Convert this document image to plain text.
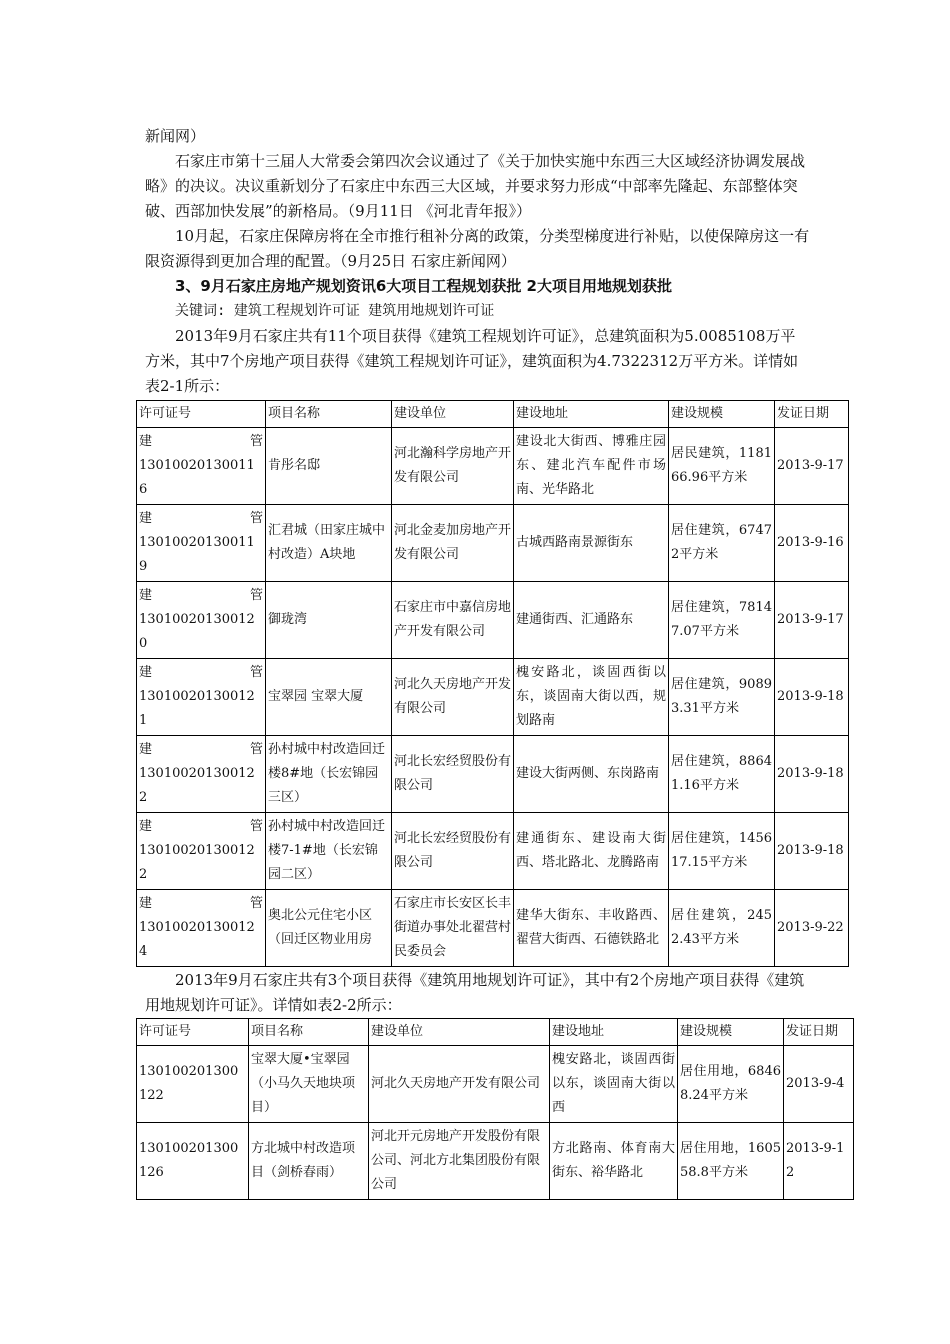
新闻网）

石家庄市第十三届人大常委会第四次会议通过了《关于加快实施中东西三大区域经济协调发展战略》的决议。决议重新划分了石家庄中东西三大区域，并要求努力形成“中部率先隆起、东部整体突破、西部加快发展”的新格局。（9月11日 《河北青年报》）

10月起，石家庄保障房将在全市推行租补分离的政策，分类型梯度进行补贴，以使保障房这一有限资源得到更加合理的配置。（9月25日 石家庄新闻网）

3、9月石家庄房地产规划资讯6大项目工程规划获批 2大项目用地规划获批

关键词: 建筑工程规划许可证 建筑用地规划许可证

2013年9月石家庄共有11个项目获得《建筑工程规划许可证》，总建筑面积为5.0085108万平方米，其中7个房地产项目获得《建筑工程规划许可证》，建筑面积为4.7322312万平方米。详情如表2-1所示：

许可证号	项目名称	建设单位	建设地址	建设规模	发证日期

建 管
130100201300116	肯彤名邸	河北瀚科学房地产开发有限公司	建设北大街西、博雅庄园东、建北汽车配件市场南、光华路北	居民建筑，118166.96平方米	2013-9-17

建 管
130100201300119	汇君城（田家庄城中村改造）A块地	河北金麦加房地产开发有限公司	古城西路南景源街东	居住建筑，67472平方米	2013-9-16

建 管
130100201300120	御珑湾	石家庄市中嘉信房地产开发有限公司	建通街西、汇通路东	居住建筑，78147.07平方米	2013-9-17

建 管
130100201300121	宝翠园 宝翠大厦	河北久天房地产开发有限公司	槐安路北，谈固西街以东，谈固南大街以西，规划路南	居住建筑，90893.31平方米	2013-9-18

建 管
130100201300122	孙村城中村改造回迁楼8#地（长宏锦园三区）	河北长宏经贸股份有限公司	建设大街两侧、东岗路南	居住建筑，88641.16平方米	2013-9-18

建 管
130100201300122	孙村城中村改造回迁楼7-1#地（长宏锦园二区）	河北长宏经贸股份有限公司	建通街东、建设南大街西、塔北路北、龙腾路南	居住建筑，145617.15平方米	2013-9-18

建 管
130100201300124	奥北公元住宅小区（回迁区物业用房	石家庄市长安区长丰街道办事处北翟营村民委员会	建华大街东、丰收路西、翟营大街西、石德铁路北	居住建筑，2452.43平方米	2013-9-22

2013年9月石家庄共有3个项目获得《建筑用地规划许可证》，其中有2个房地产项目获得《建筑用地规划许可证》。详情如表2-2所示：

许可证号	项目名称	建设单位	建设地址	建设规模	发证日期
130100201300122	宝翠大厦•宝翠园（小马久天地块项目）	河北久天房地产开发有限公司	槐安路北，谈固西街以东，谈固南大街以西	居住用地，68468.24平方米	2013-9-4
130100201300126	方北城中村改造项目（剑桥春雨）	河北开元房地产开发股份有限公司、河北方北集团股份有限公司	方北路南、体育南大街东、裕华路北	居住用地，160558.8平方米	2013-9-12
